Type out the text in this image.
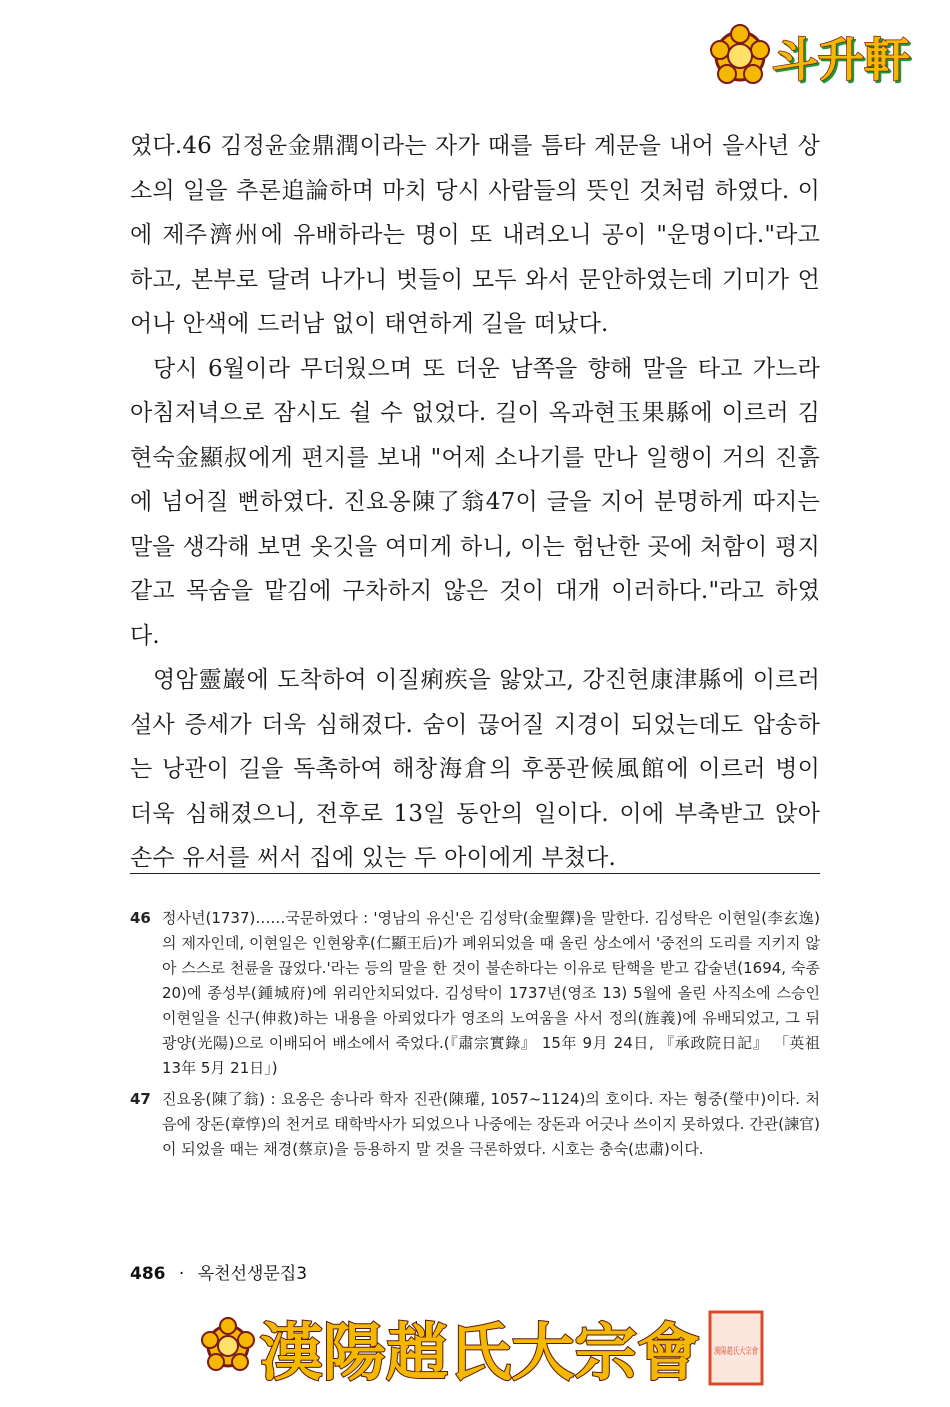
斗升軒

였다.46 김정윤金鼎潤이라는 자가 때를 틈타 계문을 내어 을사년 상소의 일을 추론追論하며 마치 당시 사람들의 뜻인 것처럼 하였다. 이에 제주濟州에 유배하라는 명이 또 내려오니 공이 "운명이다."라고 하고, 본부로 달려 나가니 벗들이 모두 와서 문안하였는데 기미가 언어나 안색에 드러남 없이 태연하게 길을 떠났다.

당시 6월이라 무더웠으며 또 더운 남쪽을 향해 말을 타고 가느라 아침저녁으로 잠시도 쉴 수 없었다. 길이 옥과현玉果縣에 이르러 김현숙金顯叔에게 편지를 보내 "어제 소나기를 만나 일행이 거의 진흙에 넘어질 뻔하였다. 진요옹陳了翁47이 글을 지어 분명하게 따지는 말을 생각해 보면 옷깃을 여미게 하니, 이는 험난한 곳에 처함이 평지 같고 목숨을 맡김에 구차하지 않은 것이 대개 이러하다."라고 하였다.

영암靈巖에 도착하여 이질痢疾을 앓았고, 강진현康津縣에 이르러 설사 증세가 더욱 심해졌다. 숨이 끊어질 지경이 되었는데도 압송하는 낭관이 길을 독촉하여 해창海倉의 후풍관候風館에 이르러 병이 더욱 심해졌으니, 전후로 13일 동안의 일이다. 이에 부축받고 앉아 손수 유서를 써서 집에 있는 두 아이에게 부쳤다.

46 정사년(1737)……국문하였다 : '영남의 유신'은 김성탁(金聖鐸)을 말한다. 김성탁은 이현일(李玄逸)의 제자인데, 이현일은 인현왕후(仁顯王后)가 폐위되었을 때 올린 상소에서 '중전의 도리를 지키지 않아 스스로 천륜을 끊었다.'라는 등의 말을 한 것이 불손하다는 이유로 탄핵을 받고 갑술년(1694, 숙종 20)에 종성부(鍾城府)에 위리안치되었다. 김성탁이 1737년(영조 13) 5월에 올린 사직소에 스승인 이현일을 신구(伸救)하는 내용을 아뢰었다가 영조의 노여움을 사서 정의(旌義)에 유배되었고, 그 뒤 광양(光陽)으로 이배되어 배소에서 죽었다.(『肅宗實錄』 15年 9月 24日, 『承政院日記』 「英祖 13年 5月 21日」)
47 진요옹(陳了翁) : 요옹은 송나라 학자 진관(陳瓘, 1057~1124)의 호이다. 자는 형중(瑩中)이다. 처음에 장돈(章惇)의 천거로 태학박사가 되었으나 나중에는 장돈과 어긋나 쓰이지 못하였다. 간관(諫官)이 되었을 때는 채경(蔡京)을 등용하지 말 것을 극론하였다. 시호는 충숙(忠肅)이다.
486 · 옥천선생문집3
漢陽趙氏大宗會 漢陽趙氏大宗會
